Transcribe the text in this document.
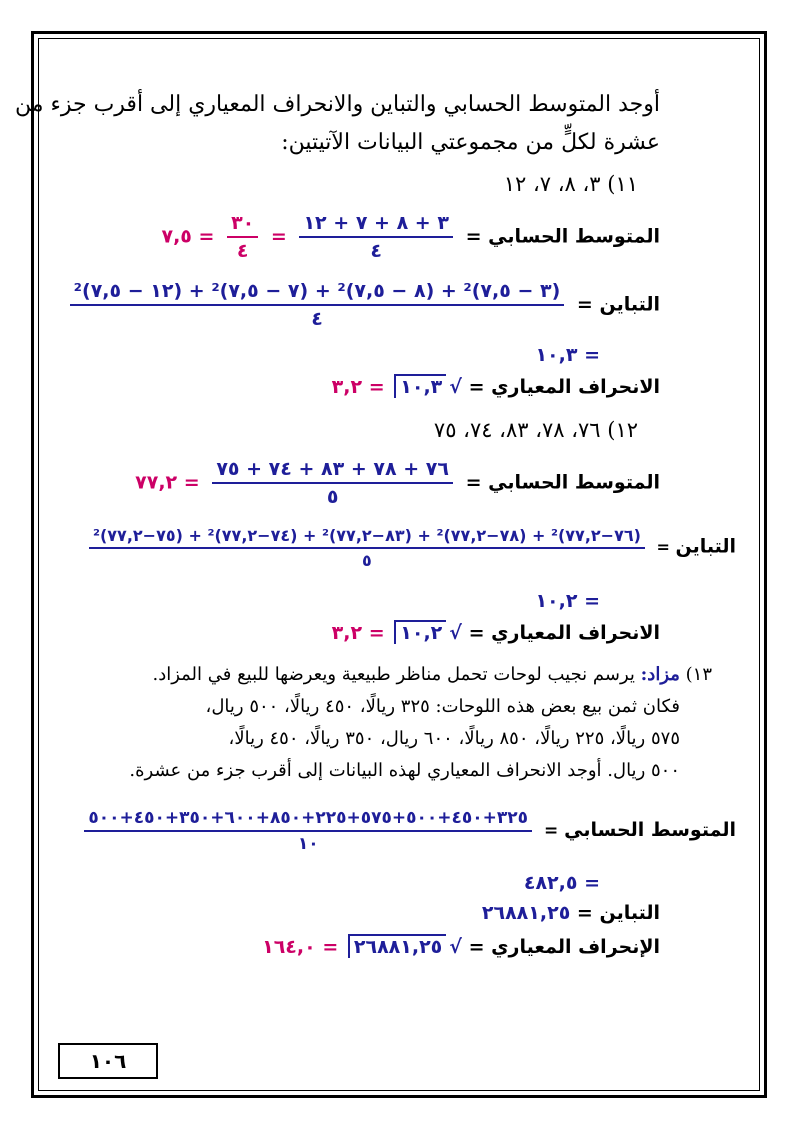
أوجد المتوسط الحسابي والتباين والانحراف المعياري إلى أقرب جزء من
عشرة لكلٍّ من مجموعتي البيانات الآتيتين:
١١) ٣، ٨، ٧، ١٢
المتوسط الحسابي =
$\frac{٣ + ٨ + ٧ + ١٢}{٤}$
=
$\frac{٣٠}{٤}$
= ٧,٥
التباين =
$\frac{\text{(٣ − ٧,٥)² + (٨ − ٧,٥)² + (٧ − ٧,٥)² + (١٢ − ٧,٥)²}}{٤}$
= ١٠,٣
الانحراف المعياري = √١٠,٣ = ٣,٢
١٢) ٧٦، ٧٨، ٨٣، ٧٤، ٧٥
المتوسط الحسابي =
$\frac{٧٦ + ٧٨ + ٨٣ + ٧٤ + ٧٥}{٥}$
= ٧٧,٢
التباين =
(٧٦−٧٧,٢)² + (٧٨−٧٧,٢)² + (٨٣−٧٧,٢)² + (٧٤−٧٧,٢)² + (٧٥−٧٧,٢)²
٥
= ١٠,٢
الانحراف المعياري = √١٠,٢ = ٣,٢
١٣) مزاد: يرسم نجيب لوحات تحمل مناظر طبيعية ويعرضها للبيع في المزاد.
فكان ثمن بيع بعض هذه اللوحات: ٣٢٥ ريالًا، ٤٥٠ ريالًا، ٥٠٠ ريال،
٥٧٥ ريالًا، ٢٢٥ ريالًا، ٨٥٠ ريالًا، ٦٠٠ ريال، ٣٥٠ ريالًا، ٤٥٠ ريالًا،
٥٠٠ ريال. أوجد الانحراف المعياري لهذه البيانات إلى أقرب جزء من عشرة.
المتوسط الحسابي =
$\frac{٣٢٥+٤٥٠+٥٠٠+٥٧٥+٢٢٥+٨٥٠+٦٠٠+٣٥٠+٤٥٠+٥٠٠}{١٠}$
= ٤٨٢,٥
التباين = ٢٦٨٨١,٢٥
الإنحراف المعياري = √٢٦٨٨١,٢٥ = ١٦٤,٠
١٠٦
